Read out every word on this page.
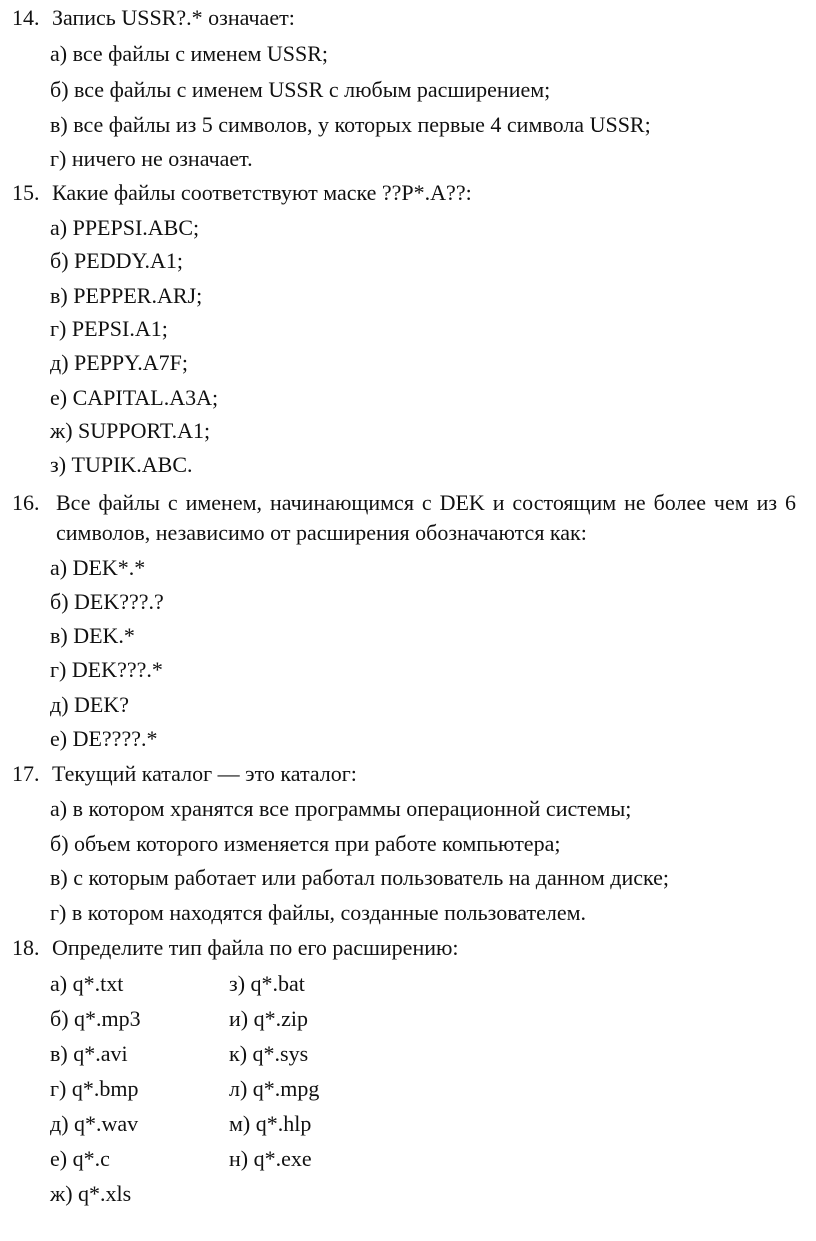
14. Запись USSR?.* означает:
а) все файлы с именем USSR;
б) все файлы с именем USSR с любым расширением;
в) все файлы из 5 символов, у которых первые 4 символа USSR;
г) ничего не означает.
15. Какие файлы соответствуют маске ??P*.A??:
а) PPEPSI.ABC;
б) PEDDY.A1;
в) PEPPER.ARJ;
г) PEPSI.A1;
д) PEPPY.A7F;
е) CAPITAL.A3A;
ж) SUPPORT.A1;
з) TUPIK.ABC.
16. Все файлы с именем, начинающимся с DEK и состоящим не более чем из 6 символов, независимо от расширения обозначаются как:
а) DEK*.*
б) DEK???.?
в) DEK.*
г) DEK???.*
д) DEK?
е) DE????.*
17. Текущий каталог — это каталог:
а) в котором хранятся все программы операционной системы;
б) объем которого изменяется при работе компьютера;
в) с которым работает или работал пользователь на данном диске;
г) в котором находятся файлы, созданные пользователем.
18. Определите тип файла по его расширению:
а) q*.txt
б) q*.mp3
в) q*.avi
г) q*.bmp
д) q*.wav
е) q*.c
ж) q*.xls
з) q*.bat
и) q*.zip
к) q*.sys
л) q*.mpg
м) q*.hlp
н) q*.exe
